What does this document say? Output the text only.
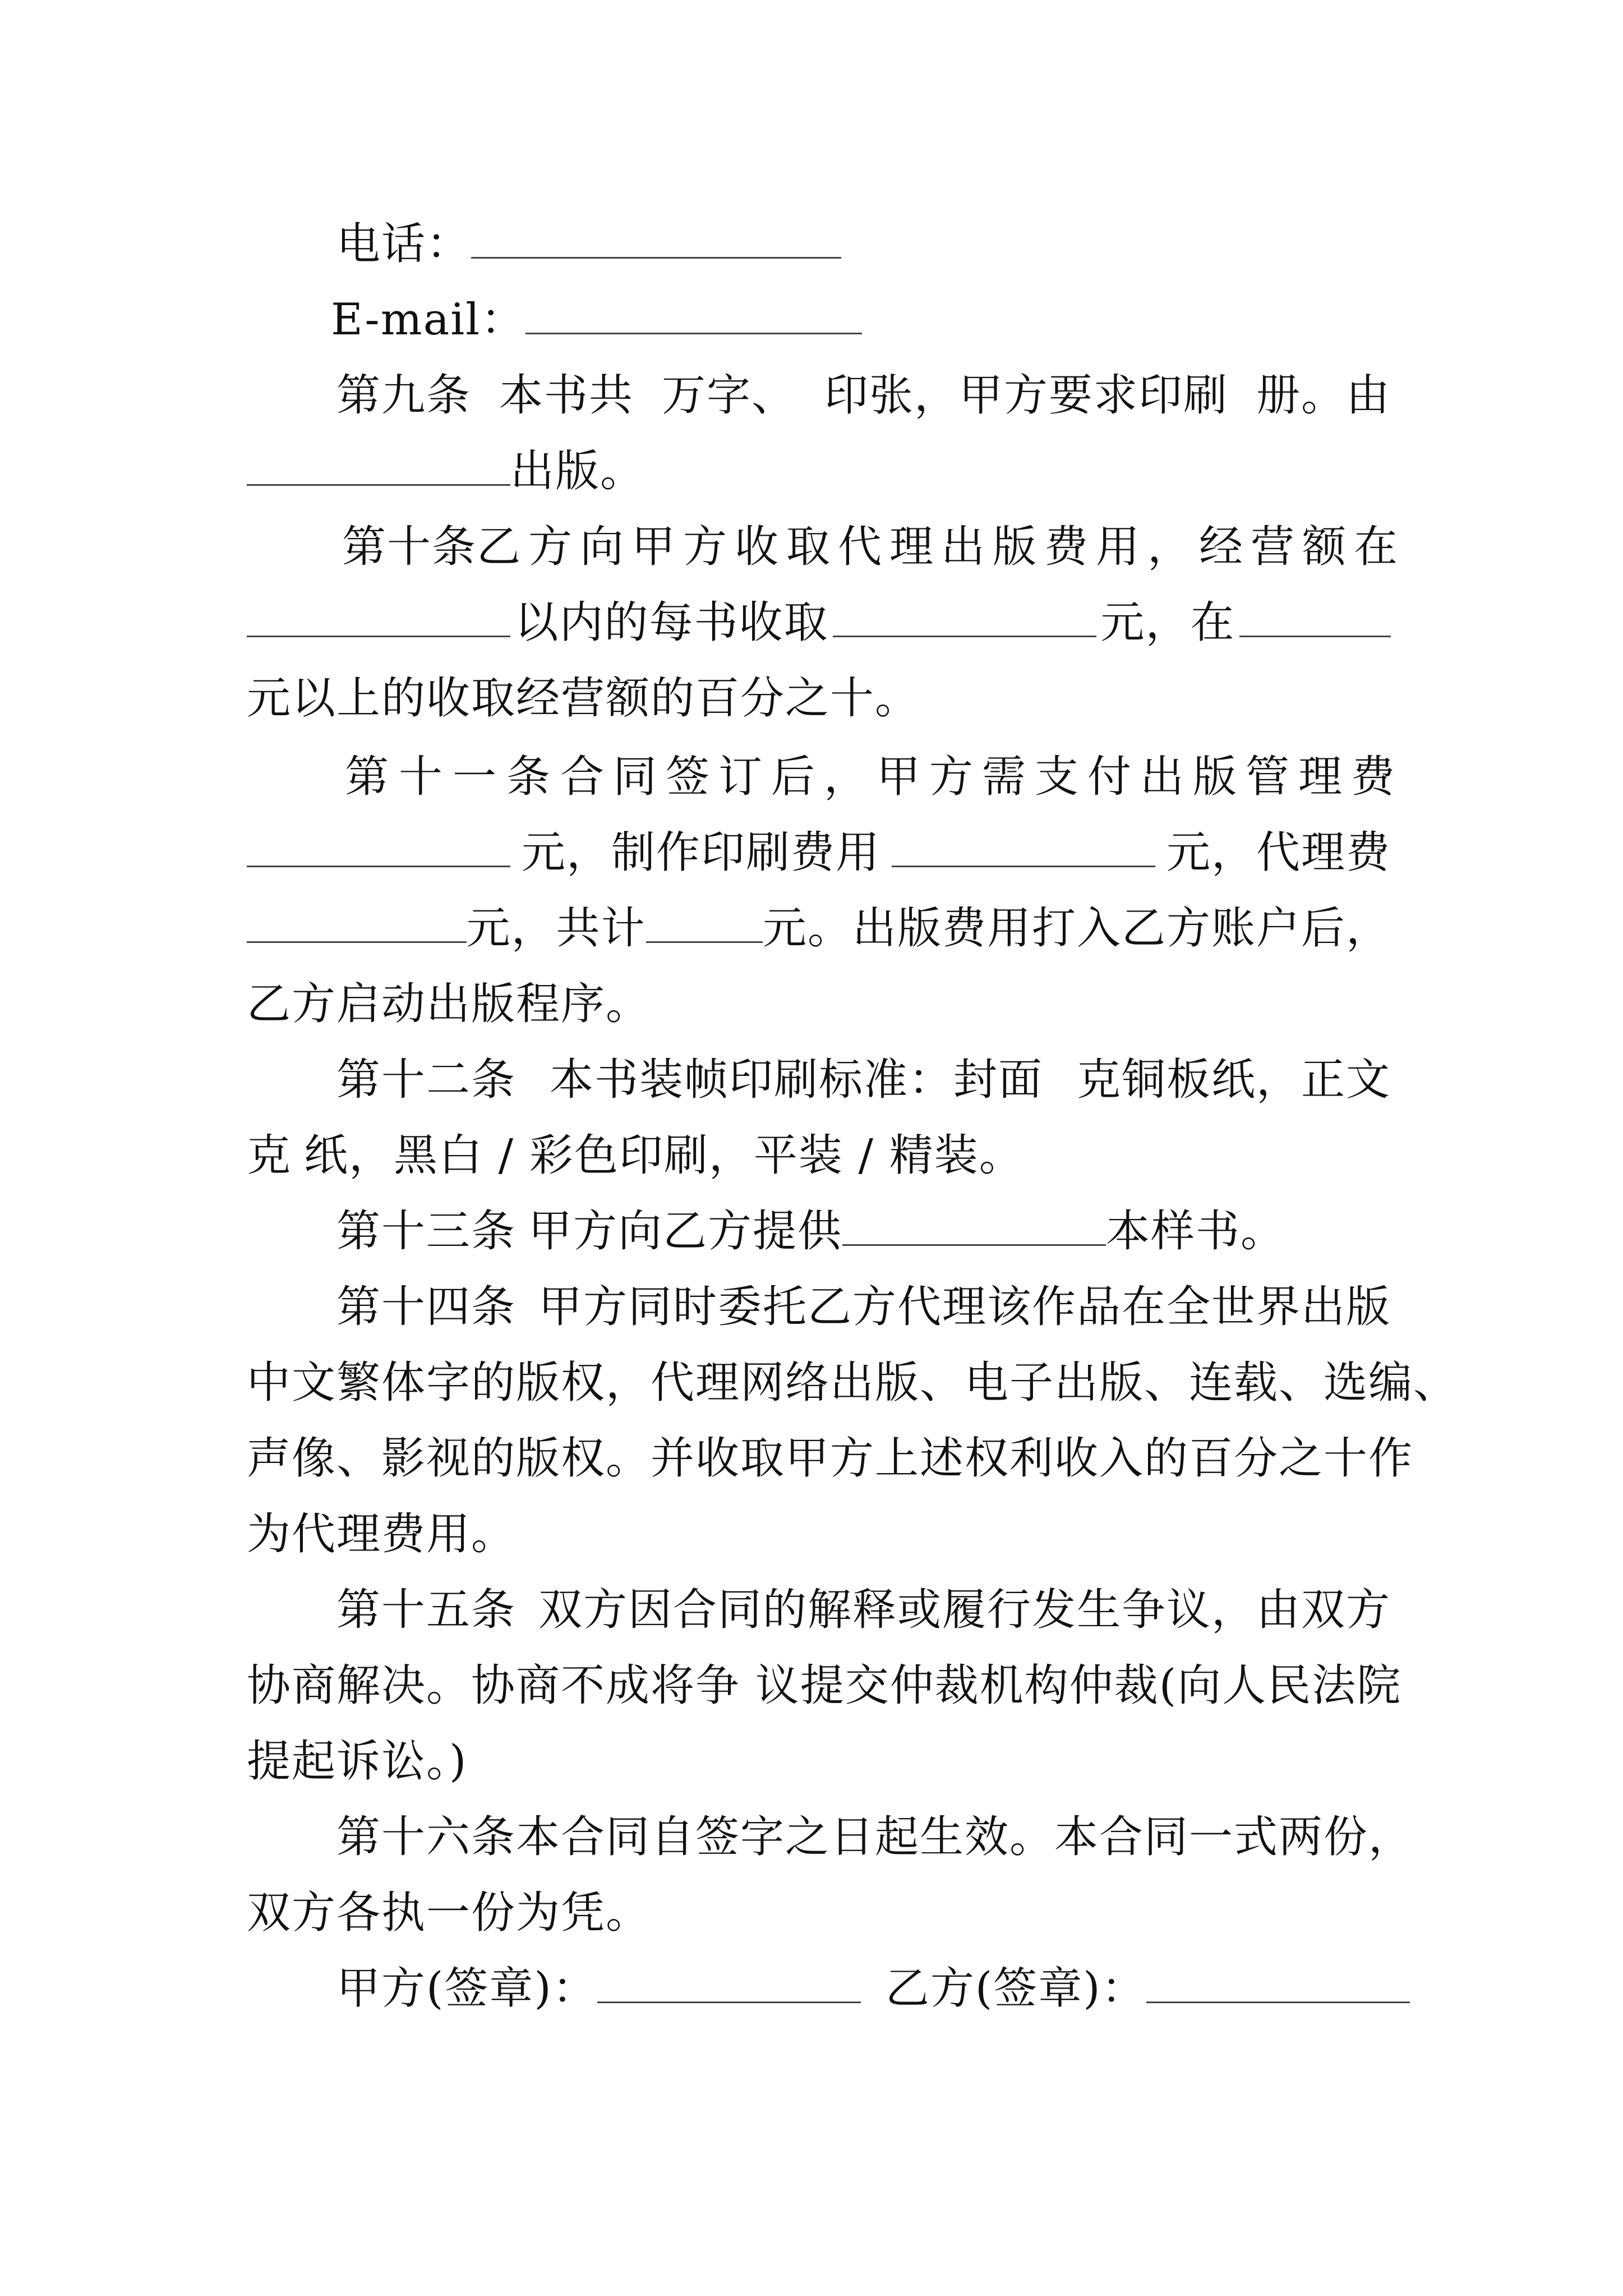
电话：
E-mail：
第九条 本书共 万字、 印张，甲方要求印刷 册。由
出版。
第十条 乙方向甲方收取代理出版费用，经营额在
以内的每书收取	元，在
元以上的收取经营额的百分之十。
第十一条 合同签订后，甲方需支付出版管理费
元，制作印刷费用	元，代理费
元，共计	元。出版费用打入乙方账户后，
乙方启动出版程序。
第十二条 本书装帧印刷标准：封面 克铜板纸，正文
克 纸，黑白 / 彩色印刷，平装 / 精装。
第十三条 甲方向乙方提供	本样书。
第十四条 甲方同时委托乙方代理该作品在全世界出版
中文繁体字的版权，代理网络出版、电子出版、连载、选编、
声像、影视的版权。并收取甲方上述权利收入的百分之十作
为代理费用。
第十五条 双方因合同的解释或履行发生争议，由双方
协商解决。协商不成将争 议提交仲裁机构仲裁(向人民法院
提起诉讼。)
第十六条 本合同自签字之日起生效。本合同一式两份，
双方各执一份为凭。
甲方(签章)：	乙方(签章)：
